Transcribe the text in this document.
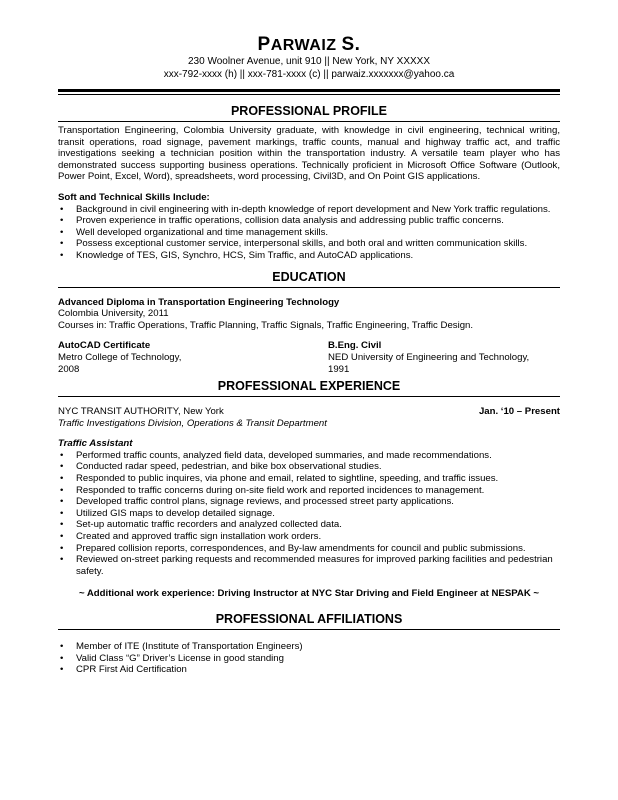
PARWAIZ S.
230 Woolner Avenue, unit 910 || New York, NY XXXXX
xxx-792-xxxx (h) || xxx-781-xxxx (c) || parwaiz.xxxxxxx@yahoo.ca
PROFESSIONAL PROFILE
Transportation Engineering, Colombia University graduate, with knowledge in civil engineering, technical writing, transit operations, road signage, pavement markings, traffic counts, manual and highway traffic act, and traffic investigations seeking a technician position within the transportation industry. A versatile team player who has demonstrated success supporting business operations. Technically proficient in Microsoft Office Software (Outlook, Power Point, Excel, Word), spreadsheets, word processing, Civil3D, and On Point GIS applications.
Soft and Technical Skills Include:
• Background in civil engineering with in-depth knowledge of report development and New York traffic regulations.
• Proven experience in traffic operations, collision data analysis and addressing public traffic concerns.
• Well developed organizational and time management skills.
• Possess exceptional customer service, interpersonal skills, and both oral and written communication skills.
• Knowledge of TES, GIS, Synchro, HCS, Sim Traffic, and AutoCAD applications.
EDUCATION
Advanced Diploma in Transportation Engineering Technology
Colombia University, 2011
Courses in: Traffic Operations, Traffic Planning, Traffic Signals, Traffic Engineering, Traffic Design.
AutoCAD Certificate
Metro College of Technology,
2008
B.Eng. Civil
NED University of Engineering and Technology,
1991
PROFESSIONAL EXPERIENCE
NYC TRANSIT AUTHORITY, New York	Jan. ‘10 – Present
Traffic Investigations Division, Operations & Transit Department
Traffic Assistant
• Performed traffic counts, analyzed field data, developed summaries, and made recommendations.
• Conducted radar speed, pedestrian, and bike box observational studies.
• Responded to public inquires, via phone and email, related to sightline, speeding, and traffic issues.
• Responded to traffic concerns during on-site field work and reported incidences to management.
• Developed traffic control plans, signage reviews, and processed street party applications.
• Utilized GIS maps to develop detailed signage.
• Set-up automatic traffic recorders and analyzed collected data.
• Created and approved traffic sign installation work orders.
• Prepared collision reports, correspondences, and By-law amendments for council and public submissions.
• Reviewed on-street parking requests and recommended measures for improved parking facilities and pedestrian safety.
~ Additional work experience: Driving Instructor at NYC Star Driving and Field Engineer at NESPAK ~
PROFESSIONAL AFFILIATIONS
• Member of ITE (Institute of Transportation Engineers)
• Valid Class “G” Driver’s License in good standing
• CPR First Aid Certification
